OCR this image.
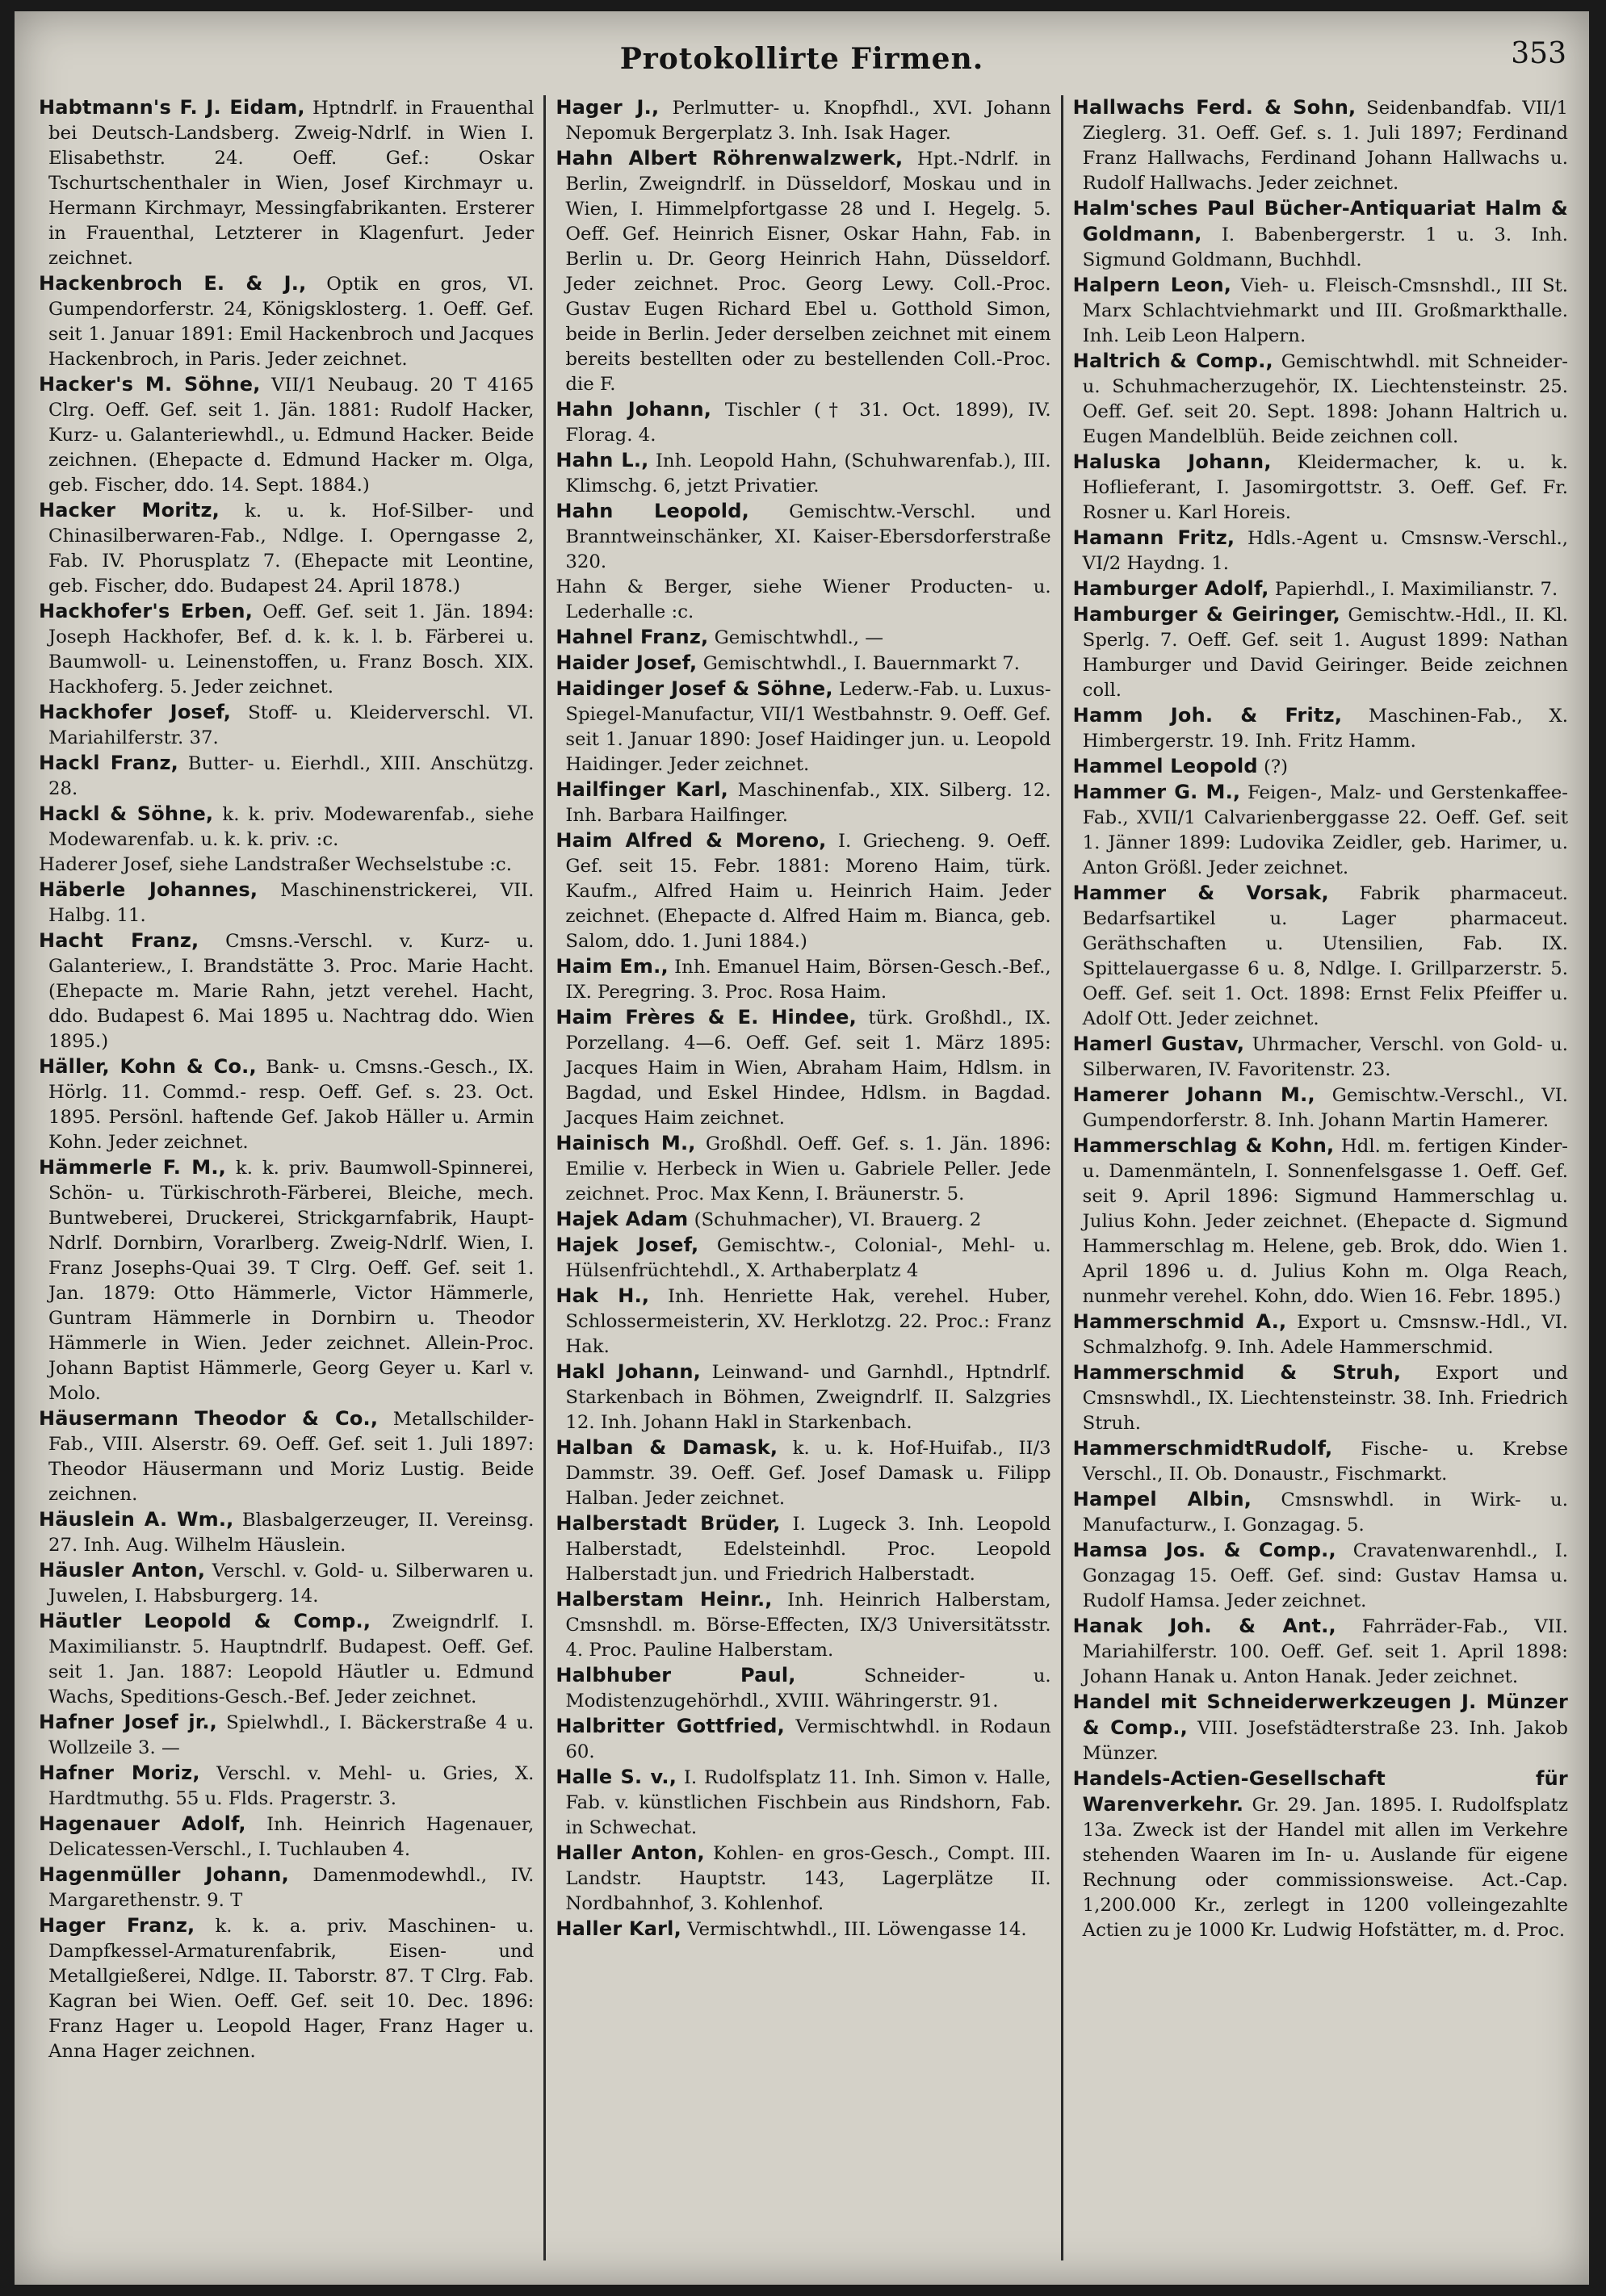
Protokollirte Firmen.	353

Habtmann's F. J. Eidam, Hptndrlf. in Frauenthal bei Deutsch-Landsberg. Zweig-Ndrlf. in Wien I. Elisabethstr. 24. Oeff. Gef.: Oskar Tschurtschenthaler in Wien, Josef Kirchmayr u. Hermann Kirchmayr, Messingfabrikanten. Ersterer in Frauenthal, Letzterer in Klagenfurt. Jeder zeichnet.

Hackenbroch E. & J., Optik en gros, VI. Gumpendorferstr. 24, Königsklosterg. 1. Oeff. Gef. seit 1. Januar 1891: Emil Hackenbroch und Jacques Hackenbroch, in Paris. Jeder zeichnet.

Hacker's M. Söhne, VII/1 Neubaug. 20 T 4165 Clrg. Oeff. Gef. seit 1. Jän. 1881: Rudolf Hacker, Kurz- u. Galanteriewhdl., u. Edmund Hacker. Beide zeichnen. (Ehepacte d. Edmund Hacker m. Olga, geb. Fischer, ddo. 14. Sept. 1884.)

Hacker Moritz, k. u. k. Hof-Silber- und Chinasilberwaren-Fab., Ndlge. I. Operngasse 2, Fab. IV. Phorusplatz 7. (Ehepacte mit Leontine, geb. Fischer, ddo. Budapest 24. April 1878.)

Hackhofer's Erben, Oeff. Gef. seit 1. Jän. 1894: Joseph Hackhofer, Bef. d. k. k. l. b. Färberei u. Baumwoll- u. Leinenstoffen, u. Franz Bosch. XIX. Hackhoferg. 5. Jeder zeichnet.

Hackhofer Josef, Stoff- u. Kleiderverschl. VI. Mariahilferstr. 37.

Hackl Franz, Butter- u. Eierhdl., XIII. Anschützg. 28.

Hackl & Söhne, k. k. priv. Modewarenfab., siehe Modewarenfab. u. k. k. priv. :c.

Haderer Josef, siehe Landstraßer Wechselstube :c.

Häberle Johannes, Maschinenstrickerei, VII. Halbg. 11.

Hacht Franz, Cmsns.-Verschl. v. Kurz- u. Galanteriew., I. Brandstätte 3. Proc. Marie Hacht. (Ehepacte m. Marie Rahn, jetzt verehel. Hacht, ddo. Budapest 6. Mai 1895 u. Nachtrag ddo. Wien 1895.)

Häller, Kohn & Co., Bank- u. Cmsns.-Gesch., IX. Hörlg. 11. Commd.- resp. Oeff. Gef. s. 23. Oct. 1895. Persönl. haftende Gef. Jakob Häller u. Armin Kohn. Jeder zeichnet.

Hämmerle F. M., k. k. priv. Baumwoll-Spinnerei, Schön- u. Türkischroth-Färberei, Bleiche, mech. Buntweberei, Druckerei, Strickgarnfabrik, Haupt-Ndrlf. Dornbirn, Vorarlberg. Zweig-Ndrlf. Wien, I. Franz Josephs-Quai 39. T Clrg. Oeff. Gef. seit 1. Jan. 1879: Otto Hämmerle, Victor Hämmerle, Guntram Hämmerle in Dornbirn u. Theodor Hämmerle in Wien. Jeder zeichnet. Allein-Proc. Johann Baptist Hämmerle, Georg Geyer u. Karl v. Molo.

Häusermann Theodor & Co., Metallschilder-Fab., VIII. Alserstr. 69. Oeff. Gef. seit 1. Juli 1897: Theodor Häusermann und Moriz Lustig. Beide zeichnen.

Häuslein A. Wm., Blasbalgerzeuger, II. Vereinsg. 27. Inh. Aug. Wilhelm Häuslein.

Häusler Anton, Verschl. v. Gold- u. Silberwaren u. Juwelen, I. Habsburgerg. 14.

Häutler Leopold & Comp., Zweigndrlf. I. Maximilianstr. 5. Hauptndrlf. Budapest. Oeff. Gef. seit 1. Jan. 1887: Leopold Häutler u. Edmund Wachs, Speditions-Gesch.-Bef. Jeder zeichnet.

Hafner Josef jr., Spielwhdl., I. Bäckerstraße 4 u. Wollzeile 3. —

Hafner Moriz, Verschl. v. Mehl- u. Gries, X. Hardtmuthg. 55 u. Flds. Pragerstr. 3.

Hagenauer Adolf, Inh. Heinrich Hagenauer, Delicatessen-Verschl., I. Tuchlauben 4.

Hagenmüller Johann, Damenmodewhdl., IV. Margarethenstr. 9. T

Hager Franz, k. k. a. priv. Maschinen- u. Dampfkessel-Armaturenfabrik, Eisen- und Metallgießerei, Ndlge. II. Taborstr. 87. T Clrg. Fab. Kagran bei Wien. Oeff. Gef. seit 10. Dec. 1896: Franz Hager u. Leopold Hager, Franz Hager u. Anna Hager zeichnen.

Hager J., Perlmutter- u. Knopfhdl., XVI. Johann Nepomuk Bergerplatz 3. Inh. Isak Hager.

Hahn Albert Röhrenwalzwerk, Hpt.-Ndrlf. in Berlin, Zweigndrlf. in Düsseldorf, Moskau und in Wien, I. Himmelpfortgasse 28 und I. Hegelg. 5. Oeff. Gef. Heinrich Eisner, Oskar Hahn, Fab. in Berlin u. Dr. Georg Heinrich Hahn, Düsseldorf. Jeder zeichnet. Proc. Georg Lewy. Coll.-Proc. Gustav Eugen Richard Ebel u. Gotthold Simon, beide in Berlin. Jeder derselben zeichnet mit einem bereits bestellten oder zu bestellenden Coll.-Proc. die F.

Hahn Johann, Tischler († 31. Oct. 1899), IV. Florag. 4.

Hahn L., Inh. Leopold Hahn, (Schuhwarenfab.), III. Klimschg. 6, jetzt Privatier.

Hahn Leopold, Gemischtw.-Verschl. und Branntweinschänker, XI. Kaiser-Ebersdorferstraße 320.

Hahn & Berger, siehe Wiener Producten- u. Lederhalle :c.

Hahnel Franz, Gemischtwhdl., —

Haider Josef, Gemischtwhdl., I. Bauernmarkt 7.

Haidinger Josef & Söhne, Lederw.-Fab. u. Luxus-Spiegel-Manufactur, VII/1 Westbahnstr. 9. Oeff. Gef. seit 1. Januar 1890: Josef Haidinger jun. u. Leopold Haidinger. Jeder zeichnet.

Hailfinger Karl, Maschinenfab., XIX. Silberg. 12. Inh. Barbara Hailfinger.

Haim Alfred & Moreno, I. Griecheng. 9. Oeff. Gef. seit 15. Febr. 1881: Moreno Haim, türk. Kaufm., Alfred Haim u. Heinrich Haim. Jeder zeichnet. (Ehepacte d. Alfred Haim m. Bianca, geb. Salom, ddo. 1. Juni 1884.)

Haim Em., Inh. Emanuel Haim, Börsen-Gesch.-Bef., IX. Peregring. 3. Proc. Rosa Haim.

Haim Frères & E. Hindee, türk. Großhdl., IX. Porzellang. 4—6. Oeff. Gef. seit 1. März 1895: Jacques Haim in Wien, Abraham Haim, Hdlsm. in Bagdad, und Eskel Hindee, Hdlsm. in Bagdad. Jacques Haim zeichnet.

Hainisch M., Großhdl. Oeff. Gef. s. 1. Jän. 1896: Emilie v. Herbeck in Wien u. Gabriele Peller. Jede zeichnet. Proc. Max Kenn, I. Bräunerstr. 5.

Hajek Adam (Schuhmacher), VI. Brauerg. 2

Hajek Josef, Gemischtw.-, Colonial-, Mehl- u. Hülsenfrüchtehdl., X. Arthaberplatz 4

Hak H., Inh. Henriette Hak, verehel. Huber, Schlossermeisterin, XV. Herklotzg. 22. Proc.: Franz Hak.

Hakl Johann, Leinwand- und Garnhdl., Hptndrlf. Starkenbach in Böhmen, Zweigndrlf. II. Salzgries 12. Inh. Johann Hakl in Starkenbach.

Halban & Damask, k. u. k. Hof-Huifab., II/3 Dammstr. 39. Oeff. Gef. Josef Damask u. Filipp Halban. Jeder zeichnet.

Halberstadt Brüder, I. Lugeck 3. Inh. Leopold Halberstadt, Edelsteinhdl. Proc. Leopold Halberstadt jun. und Friedrich Halberstadt.

Halberstam Heinr., Inh. Heinrich Halberstam, Cmsnshdl. m. Börse-Effecten, IX/3 Universitätsstr. 4. Proc. Pauline Halberstam.

Halbhuber Paul,	Schneider- u. Modistenzugehörhdl., XVIII. Währingerstr. 91.

Halbritter Gottfried, Vermischtwhdl. in Rodaun 60.

Halle S. v., I. Rudolfsplatz 11. Inh. Simon v. Halle, Fab. v. künstlichen Fischbein aus Rindshorn, Fab. in Schwechat.

Haller Anton, Kohlen- en gros-Gesch., Compt. III. Landstr. Hauptstr. 143, Lagerplätze II. Nordbahnhof, 3. Kohlenhof.

Haller Karl, Vermischtwhdl., III. Löwengasse 14.

Hallwachs Ferd. & Sohn, Seidenbandfab. VII/1 Zieglerg. 31. Oeff. Gef. s. 1. Juli 1897; Ferdinand Franz Hallwachs, Ferdinand Johann Hallwachs u. Rudolf Hallwachs. Jeder zeichnet.

Halm'sches Paul Bücher-Antiquariat Halm & Goldmann, I. Babenbergerstr. 1 u. 3. Inh. Sigmund Goldmann, Buchhdl.

Halpern Leon, Vieh- u. Fleisch-Cmsnshdl., III St. Marx Schlachtviehmarkt und III. Großmarkthalle. Inh. Leib Leon Halpern.

Haltrich & Comp., Gemischtwhdl. mit Schneider- u. Schuhmacherzugehör, IX. Liechtensteinstr. 25. Oeff. Gef. seit 20. Sept. 1898: Johann Haltrich u. Eugen Mandelblüh. Beide zeichnen coll.

Haluska Johann, Kleidermacher, k. u. k. Hoflieferant, I. Jasomirgottstr. 3. Oeff. Gef. Fr. Rosner u. Karl Horeis.

Hamann Fritz, Hdls.-Agent u. Cmsnsw.-Verschl., VI/2 Haydng. 1.

Hamburger Adolf, Papierhdl., I. Maximilianstr. 7.

Hamburger & Geiringer, Gemischtw.-Hdl., II. Kl. Sperlg. 7. Oeff. Gef. seit 1. August 1899: Nathan Hamburger und David Geiringer. Beide zeichnen coll.

Hamm Joh. & Fritz, Maschinen-Fab., X. Himbergerstr. 19. Inh. Fritz Hamm.

Hammel Leopold (?)

Hammer G. M., Feigen-, Malz- und Gerstenkaffee-Fab., XVII/1 Calvarienberggasse 22. Oeff. Gef. seit 1. Jänner 1899: Ludovika Zeidler, geb. Harimer, u. Anton Größl. Jeder zeichnet.

Hammer & Vorsak, Fabrik pharmaceut. Bedarfsartikel u. Lager pharmaceut. Geräthschaften u. Utensilien, Fab. IX. Spittelauergasse 6 u. 8, Ndlge. I. Grillparzerstr. 5. Oeff. Gef. seit 1. Oct. 1898: Ernst Felix Pfeiffer u. Adolf Ott. Jeder zeichnet.

Hamerl Gustav, Uhrmacher, Verschl. von Gold- u. Silberwaren, IV. Favoritenstr. 23.

Hamerer Johann M., Gemischtw.-Verschl., VI. Gumpendorferstr. 8. Inh. Johann Martin Hamerer.

Hammerschlag & Kohn, Hdl. m. fertigen Kinder- u. Damenmänteln, I. Sonnenfelsgasse 1. Oeff. Gef. seit 9. April 1896: Sigmund Hammerschlag u. Julius Kohn. Jeder zeichnet. (Ehepacte d. Sigmund Hammerschlag m. Helene, geb. Brok, ddo. Wien 1. April 1896 u. d. Julius Kohn m. Olga Reach, nunmehr verehel. Kohn, ddo. Wien 16. Febr. 1895.)

Hammerschmid A., Export u. Cmsnsw.-Hdl., VI. Schmalzhofg. 9. Inh. Adele Hammerschmid.

Hammerschmid & Struh, Export und Cmsnswhdl., IX. Liechtensteinstr. 38. Inh. Friedrich Struh.

HammerschmidtRudolf, Fische- u. Krebse Verschl., II. Ob. Donaustr., Fischmarkt.

Hampel Albin, Cmsnswhdl. in Wirk- u. Manufacturw., I. Gonzagag. 5.

Hamsa Jos. & Comp., Cravatenwarenhdl., I. Gonzagag 15. Oeff. Gef. sind: Gustav Hamsa u. Rudolf Hamsa. Jeder zeichnet.

Hanak Joh. & Ant., Fahrräder-Fab., VII. Mariahilferstr. 100. Oeff. Gef. seit 1. April 1898: Johann Hanak u. Anton Hanak. Jeder zeichnet.

Handel mit Schneiderwerkzeugen J. Münzer & Comp., VIII. Josefstädterstraße 23. Inh. Jakob Münzer.

Handels-Actien-Gesellschaft für Warenverkehr. Gr. 29. Jan. 1895. I. Rudolfsplatz 13a. Zweck ist der Handel mit allen im Verkehre stehenden Waaren im In- u. Auslande für eigene Rechnung oder commissionsweise. Act.-Cap. 1,200.000 Kr., zerlegt in 1200 volleingezahlte Actien zu je 1000 Kr. Ludwig Hofstätter, m. d. Proc.
